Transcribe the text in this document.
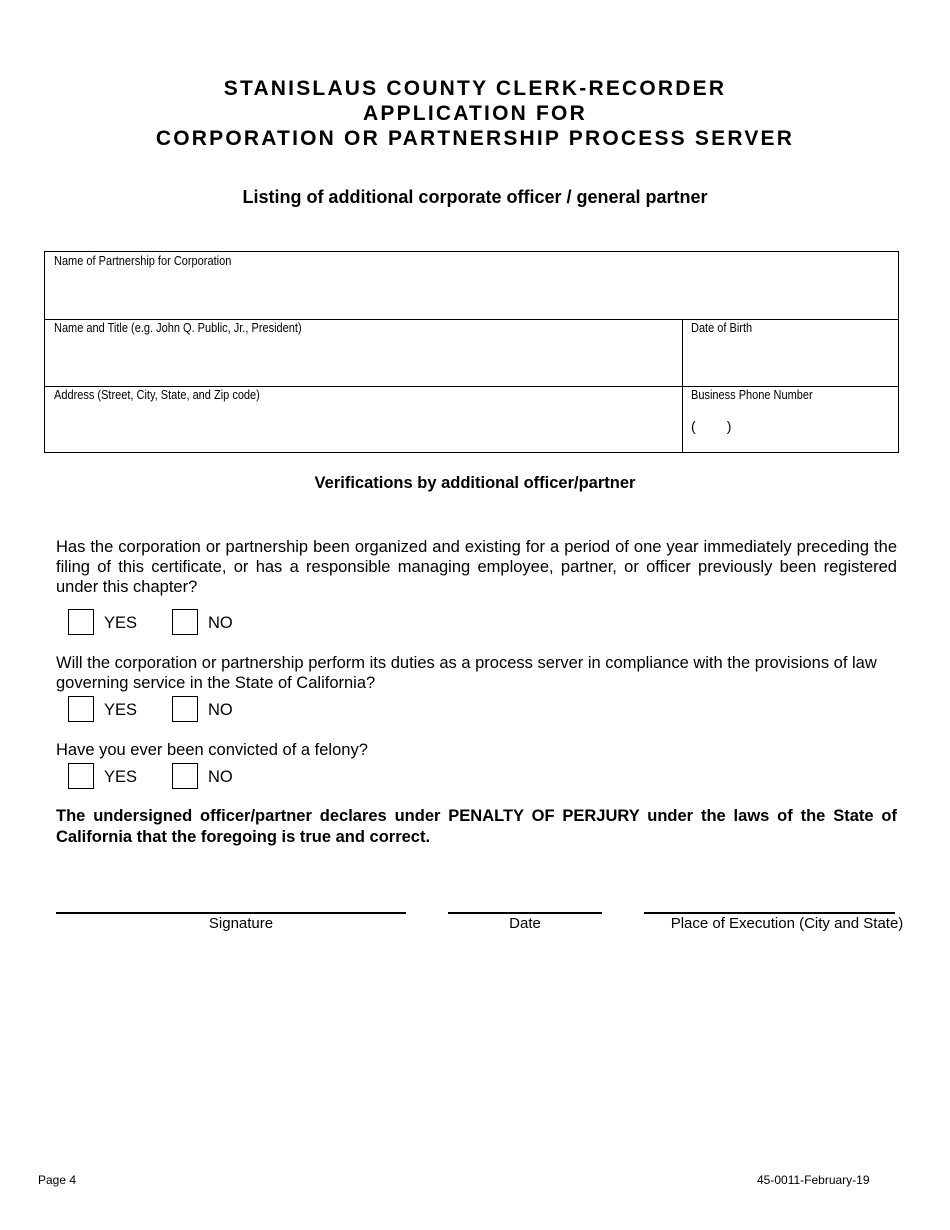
STANISLAUS COUNTY CLERK-RECORDER
APPLICATION FOR
CORPORATION OR PARTNERSHIP PROCESS SERVER
Listing of additional corporate officer / general partner
Name of Partnership for Corporation
Name and Title (e.g. John Q. Public, Jr., President)	Date of Birth
Address (Street, City, State, and Zip code)	Business Phone Number
(        )
Verifications by additional officer/partner
Has the corporation or partnership been organized and existing for a period of one year immediately preceding the filing of this certificate, or has a responsible managing employee, partner, or officer previously been registered under this chapter?
YES	NO
Will the corporation or partnership perform its duties as a process server in compliance with the provisions of law governing service in the State of California?
YES	NO
Have you ever been convicted of a felony?
YES	NO
The undersigned officer/partner declares under PENALTY OF PERJURY under the laws of the State of California that the foregoing is true and correct.
Signature	Date	Place of Execution (City and State)
Page 4	45-0011-February-19
